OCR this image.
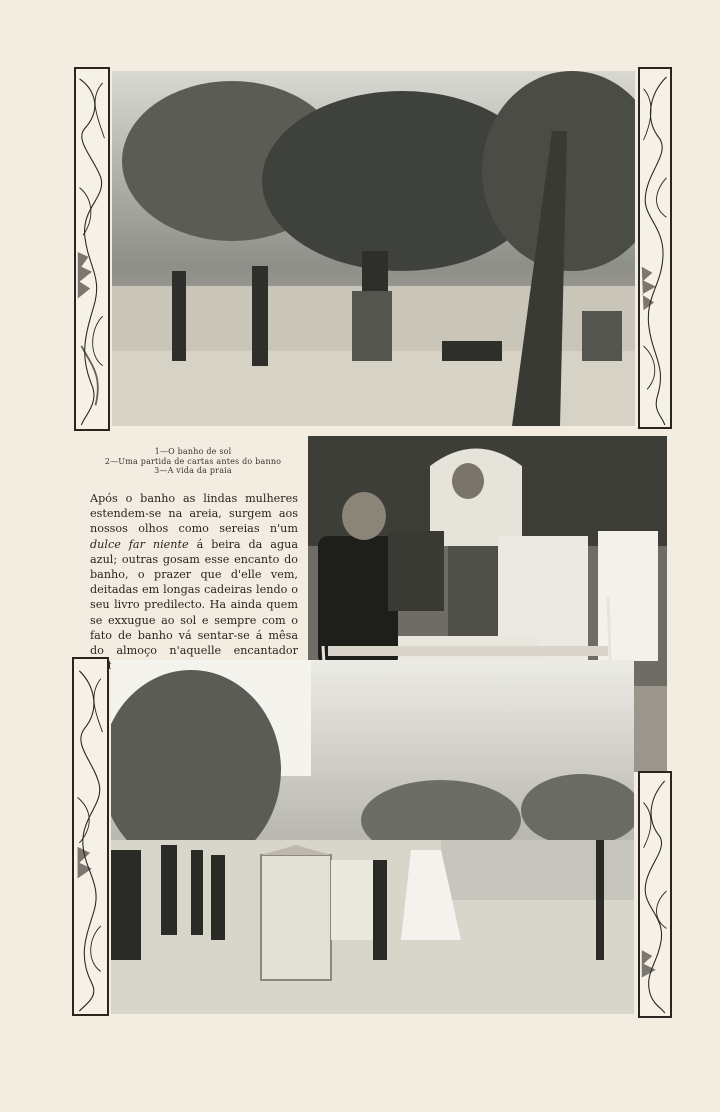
1—O banho de sol
2—Uma partida de cartas antes do banno
3—A vida da praia
Após o banho as lindas mulheres estendem-se na areia, surgem aos nossos olhos como sereias n'um dulce far niente á beira da agua azul; outras gosam esse encanto do banho, o prazer que d'elle vem, deitadas em longas cadeiras lendo o seu livro predilecto. Ha ainda quem se exxugue ao sol e sempre com o fato de banho vá sentar-se á mêsa do almoço n'aquelle encantador
